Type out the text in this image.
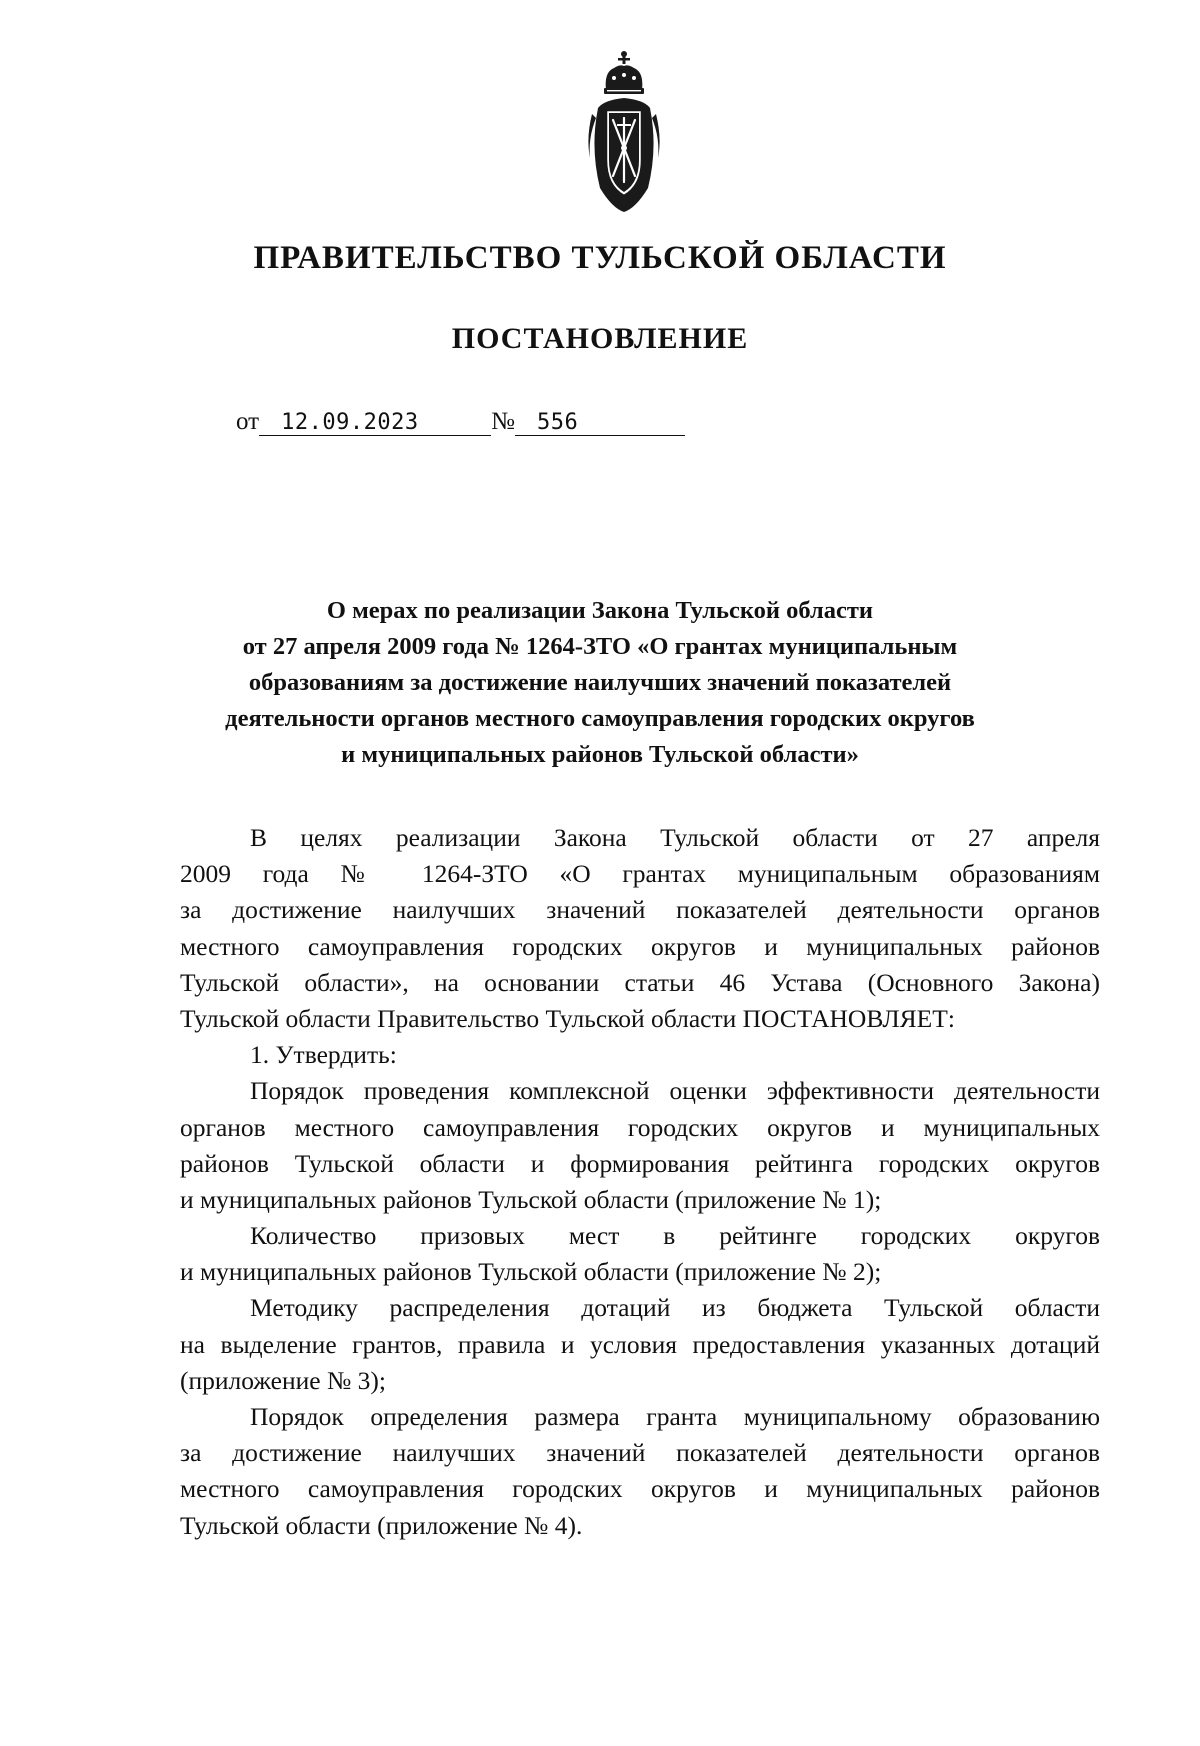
ПРАВИТЕЛЬСТВО ТУЛЬСКОЙ ОБЛАСТИ
ПОСТАНОВЛЕНИЕ
от	12.09.2023	№	556
О мерах по реализации Закона Тульской области
от 27 апреля 2009 года № 1264-ЗТО «О грантах муниципальным
образованиям за достижение наилучших значений показателей
деятельности органов местного самоуправления городских округов
и муниципальных районов Тульской области»
В целях реализации Закона Тульской области от 27 апреля
2009 года № 1264-ЗТО «О грантах муниципальным образованиям
за достижение наилучших значений показателей деятельности органов
местного самоуправления городских округов и муниципальных районов
Тульской области», на основании статьи 46 Устава (Основного Закона)
Тульской области Правительство Тульской области ПОСТАНОВЛЯЕТ:
1. Утвердить:
Порядок проведения комплексной оценки эффективности деятельности
органов местного самоуправления городских округов и муниципальных
районов Тульской области и формирования рейтинга городских округов
и муниципальных районов Тульской области (приложение № 1);
Количество призовых мест в рейтинге городских округов
и муниципальных районов Тульской области (приложение № 2);
Методику распределения дотаций из бюджета Тульской области
на выделение грантов, правила и условия предоставления указанных дотаций
(приложение № 3);
Порядок определения размера гранта муниципальному образованию
за достижение наилучших значений показателей деятельности органов
местного самоуправления городских округов и муниципальных районов
Тульской области (приложение № 4).
